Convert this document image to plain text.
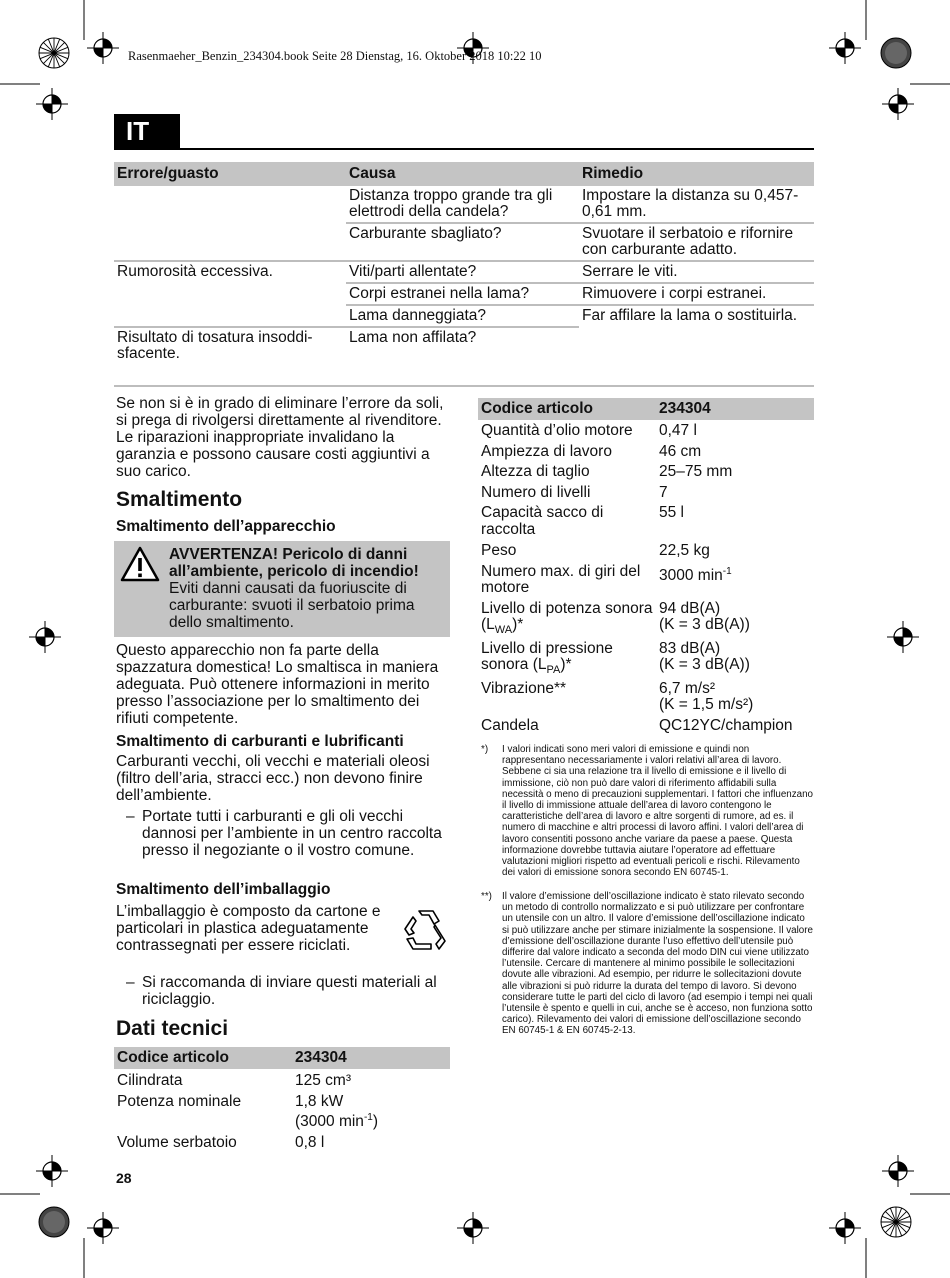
Rasenmaeher_Benzin_234304.book Seite 28 Dienstag, 16. Oktober 2018 10:22 10
IT
Errore/guasto	Causa	Rimedio
	Distanza troppo grande tra gli elettrodi della candela?	Impostare la distanza su 0,457-0,61 mm.
	Carburante sbagliato?	Svuotare il serbatoio e rifornire con carburante adatto.
Rumorosità eccessiva.	Viti/parti allentate?	Serrare le viti.
	Corpi estranei nella lama?	Rimuovere i corpi estranei.
	Lama danneggiata?	Far affilare la lama o sostituirla.
Risultato di tosatura insoddi-sfacente.	Lama non affilata?	
Se non si è in grado di eliminare l’errore da soli, si prega di rivolgersi direttamente al rivenditore. Le riparazioni inappropriate invalidano la garanzia e possono causare costi aggiuntivi a suo carico.
Smaltimento
Smaltimento dell’apparecchio
AVVERTENZA! Pericolo di danni all’ambiente, pericolo di incendio!
Eviti danni causati da fuoriuscite di carburante: svuoti il serbatoio prima dello smaltimento.
Questo apparecchio non fa parte della spazzatura domestica! Lo smaltisca in maniera adeguata. Può ottenere informazioni in merito presso l’associazione per lo smaltimento dei rifiuti competente.
Smaltimento di carburanti e lubrificanti
Carburanti vecchi, oli vecchi e materiali oleosi (filtro dell’aria, stracci ecc.) non devono finire dell’ambiente.
– Portate tutti i carburanti e gli oli vecchi dannosi per l’ambiente in un centro raccolta presso il negoziante o il vostro comune.
Smaltimento dell’imballaggio
L’imballaggio è composto da cartone e particolari in plastica adeguatamente contrassegnati per essere riciclati.
– Si raccomanda di inviare questi materiali al riciclaggio.
Dati tecnici
Codice articolo	234304
Cilindrata	125 cm³
Potenza nominale	1,8 kW
(3000 $\min^{-1}$)
Volume serbatoio	0,8 l
Codice articolo	234304
Quantità d’olio motore	0,47 l
Ampiezza di lavoro	46 cm
Altezza di taglio	25–75 mm
Numero di livelli	7
Capacità sacco di raccolta	55 l
Peso	22,5 kg
Numero max. di giri del motore	3000 $\min^{-1}$
Livello di potenza sonora $(L_{WA})*$	94 dB(A)
(K = 3 dB(A))
Livello di pressione sonora $(L_{PA})*$	83 dB(A)
(K = 3 dB(A))
Vibrazione**	6,7 m/s²
(K = 1,5 m/s²)
Candela	QC12YC/champion
*)	I valori indicati sono meri valori di emissione e quindi non rappresentano necessariamente i valori relativi all’area di lavoro. Sebbene ci sia una relazione tra il livello di emissione e il livello di immissione, ciò non può dare valori di riferimento affidabili sulla necessità o meno di precauzioni supplementari. I fattori che influenzano il livello di immissione attuale dell’area di lavoro contengono le caratteristiche dell’area di lavoro e altre sorgenti di rumore, ad es. il numero di macchine e altri processi di lavoro affini. I valori dell’area di lavoro consentiti possono anche variare da paese a paese. Questa informazione dovrebbe tuttavia aiutare l’operatore ad effettuare valutazioni migliori rispetto ad eventuali pericoli e rischi. Rilevamento dei valori di emissione sonora secondo EN 60745-1.
**)	Il valore d’emissione dell’oscillazione indicato è stato rilevato secondo un metodo di controllo normalizzato e si può utilizzare per confrontare un utensile con un altro. Il valore d’emissione dell’oscillazione indicato si può utilizzare anche per stimare inizialmente la sospensione. Il valore d’emissione dell’oscillazione durante l’uso effettivo dell’utensile può differire dal valore indicato a seconda del modo DIN cui viene utilizzato l’utensile. Cercare di mantenere al minimo possibile le sollecitazioni dovute alle vibrazioni. Ad esempio, per ridurre le sollecitazioni dovute alle vibrazioni si può ridurre la durata del tempo di lavoro. Si devono considerare tutte le parti del ciclo di lavoro (ad esempio i tempi nei quali l’utensile è spento e quelli in cui, anche se è acceso, non funziona sotto carico). Rilevamento dei valori di emissione dell’oscillazione secondo EN 60745-1 & EN 60745-2-13.
28
